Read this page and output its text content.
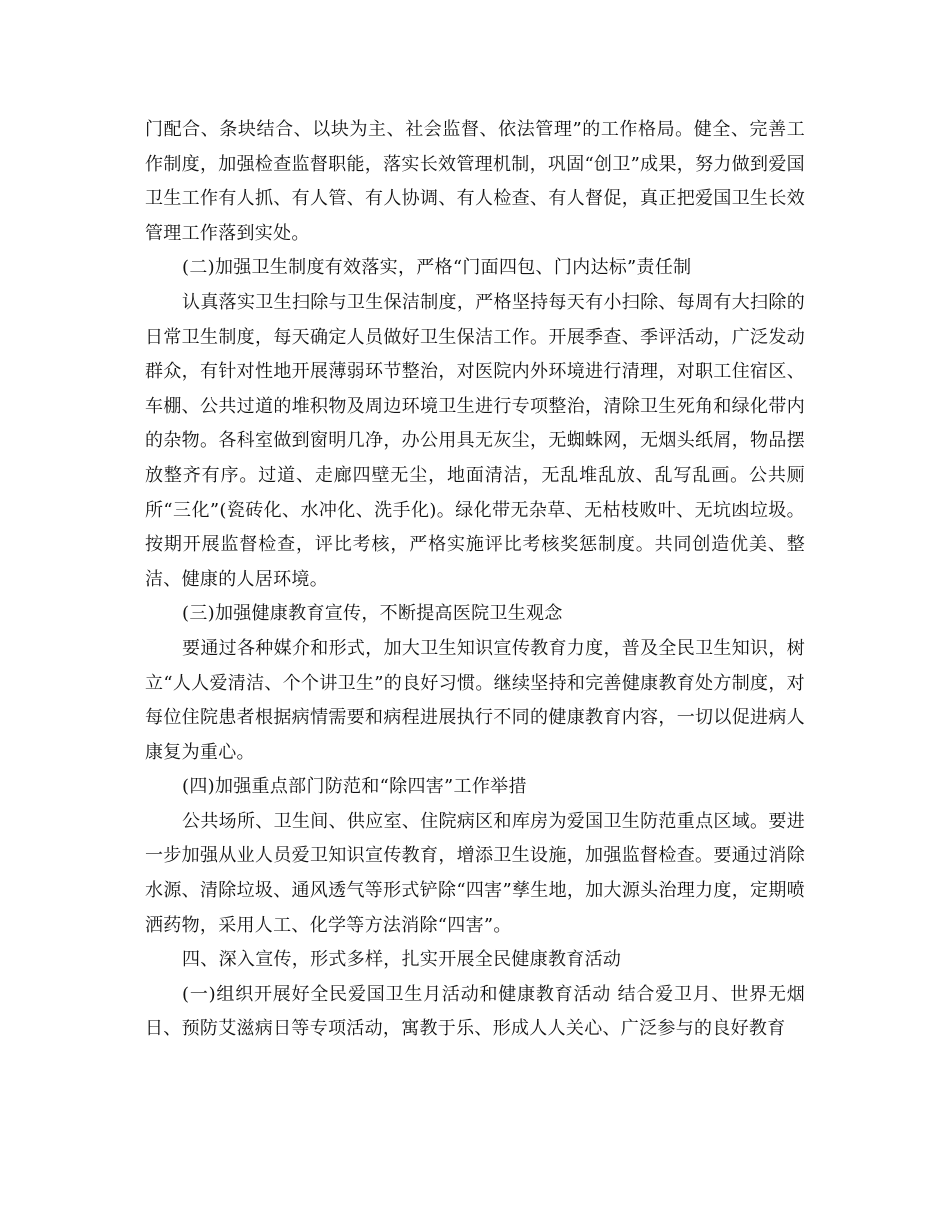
门配合、条块结合、以块为主、社会监督、依法管理”的工作格局。健全、完善工作制度，加强检查监督职能，落实长效管理机制，巩固“创卫”成果，努力做到爱国卫生工作有人抓、有人管、有人协调、有人检查、有人督促，真正把爱国卫生长效管理工作落到实处。

(二)加强卫生制度有效落实，严格“门面四包、门内达标”责任制

认真落实卫生扫除与卫生保洁制度，严格坚持每天有小扫除、每周有大扫除的日常卫生制度，每天确定人员做好卫生保洁工作。开展季查、季评活动，广泛发动群众，有针对性地开展薄弱环节整治，对医院内外环境进行清理，对职工住宿区、车棚、公共过道的堆积物及周边环境卫生进行专项整治，清除卫生死角和绿化带内的杂物。各科室做到窗明几净，办公用具无灰尘，无蜘蛛网，无烟头纸屑，物品摆放整齐有序。过道、走廊四壁无尘，地面清洁，无乱堆乱放、乱写乱画。公共厕所“三化”(瓷砖化、水冲化、洗手化)。绿化带无杂草、无枯枝败叶、无坑凼垃圾。按期开展监督检查，评比考核，严格实施评比考核奖惩制度。共同创造优美、整洁、健康的人居环境。

(三)加强健康教育宣传，不断提高医院卫生观念

要通过各种媒介和形式，加大卫生知识宣传教育力度，普及全民卫生知识，树立“人人爱清洁、个个讲卫生”的良好习惯。继续坚持和完善健康教育处方制度，对每位住院患者根据病情需要和病程进展执行不同的健康教育内容，一切以促进病人康复为重心。

(四)加强重点部门防范和“除四害”工作举措

公共场所、卫生间、供应室、住院病区和库房为爱国卫生防范重点区域。要进一步加强从业人员爱卫知识宣传教育，增添卫生设施，加强监督检查。要通过消除水源、清除垃圾、通风透气等形式铲除“四害”孳生地，加大源头治理力度，定期喷洒药物，采用人工、化学等方法消除“四害”。

四、深入宣传，形式多样，扎实开展全民健康教育活动

(一)组织开展好全民爱国卫生月活动和健康教育活动 结合爱卫月、世界无烟日、预防艾滋病日等专项活动，寓教于乐、形成人人关心、广泛参与的良好教育
